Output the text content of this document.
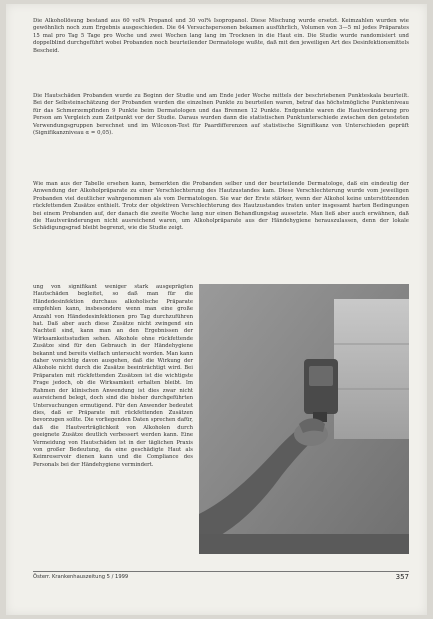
Die Alkohollösung bestand aus 60 vol% Propanol und 30 vol% Isopropanol. Diese Mischung wurde ersetzt. Keimzahlen wurden wie gewöhnlich noch zum Ergebnis ausgeschieden. Die 64 Versuchspersonen bekamen ausführlich, Volumen von 3—5 ml jedes Präparates 15 mal pro Tag 5 Tage pro Woche und zwei Wochen lang lang im Trocknen in die Haut ein. Die Studie wurde randomisiert und doppelblind durchgeführt wobei Probanden noch beurteilender Dermatologe wußte, daß mit den jeweiligen Art des Desinfektionsmittels Bescheid.

Die Hautschäden Probanden wurde zu Beginn der Studie und am Ende jeder Woche mittels der beschriebenen Punkteskala beurteilt. Bei der Selbsteinschätzung der Probanden wurden die einzelnen Punkte zu beurteilen waren, betraf das höchstmögliche Punkteniveau für das Schmerzempfinden 9 Punkte beim Dermatologen und das Brennen 12 Punkte. Endpunkte waren die Hautveränderung pro Person am Vergleich zum Zeitpunkt vor der Studie. Daraus wurden dann die statistischen Punktunterschiede zwischen den getesteten Verwendungsgruppen berechnet und im Wilcoxon-Test für Paardifferenzen auf statistische Signifikanz von Unterschieden geprüft (Signifikanzniveau α = 0,05).

Wie man aus der Tabelle ersehen kann, bemerkten die Probanden selber und der beurteilende Dermatologe, daß ein eindeutig der Anwendung der Alkoholpräparate zu einer Verschlechterung des Hautzustandes kam. Diese Verschlechterung wurde vom jeweiligen Probanden viel deutlicher wahrgenommen als vom Dermatologen. Sie war der Erste stärker, wenn der Alkohol keine unterstützenden rückfettenden Zusätze enthielt. Trotz der objektiven Verschlechterung des Hautzustandes traten unter insgesamt harten Bedingungen bei einem Probanden auf, der danach die zweite Woche lang nur einen Behandlungstag aussetzte. Man ließ aber auch erwähnen, daß die Hautveränderungen nicht ausreichend waren, um Alkoholpräparate aus der Händehygiene herauszulassen, denn der lokale Schädigungsgrad bleibt begrenzt, wie die Studie zeigt.

ung von signifikant weniger stark ausgeprägten Hautschäden begleitet, so daß man für die Händedesinfektion durchaus alkoholische Präparate empfehlen kann, insbesondere wenn man eine große Anzahl von Händedesinfektionen pro Tag durchzuführen hat. Daß aber auch diese Zusätze nicht zwingend ein Nachteil sind, kann man an den Ergebnissen der Wirksamkeitsstudien sehen. Alkohole ohne rückfettende Zusätze sind für den Gebrauch in der Händehygiene bekannt und bereits vielfach untersucht worden. Man kann daher vorsichtig davon ausgehen, daß die Wirkung der Alkohole nicht durch die Zusätze beeinträchtigt wird. Bei Präparaten mit rückfettenden Zusätzen ist die wichtigste Frage jedoch, ob die Wirksamkeit erhalten bleibt. Im Rahmen der klinischen Anwendung ist dies zwar nicht ausreichend belegt, doch sind die bisher durchgeführten Untersuchungen ermutigend. Für den Anwender bedeutet dies, daß er Präparate mit rückfettenden Zusätzen bevorzugen sollte. Die vorliegenden Daten sprechen dafür, daß die Hautverträglichkeit von Alkoholen durch geeignete Zusätze deutlich verbessert werden kann. Eine Vermeidung von Hautschäden ist in der täglichen Praxis von großer Bedeutung, da eine geschädigte Haut als Keimreservoir dienen kann und die Compliance des Personals bei der Händehygiene vermindert.

Österr. Krankenhauszeitung 5 / 1999	357
